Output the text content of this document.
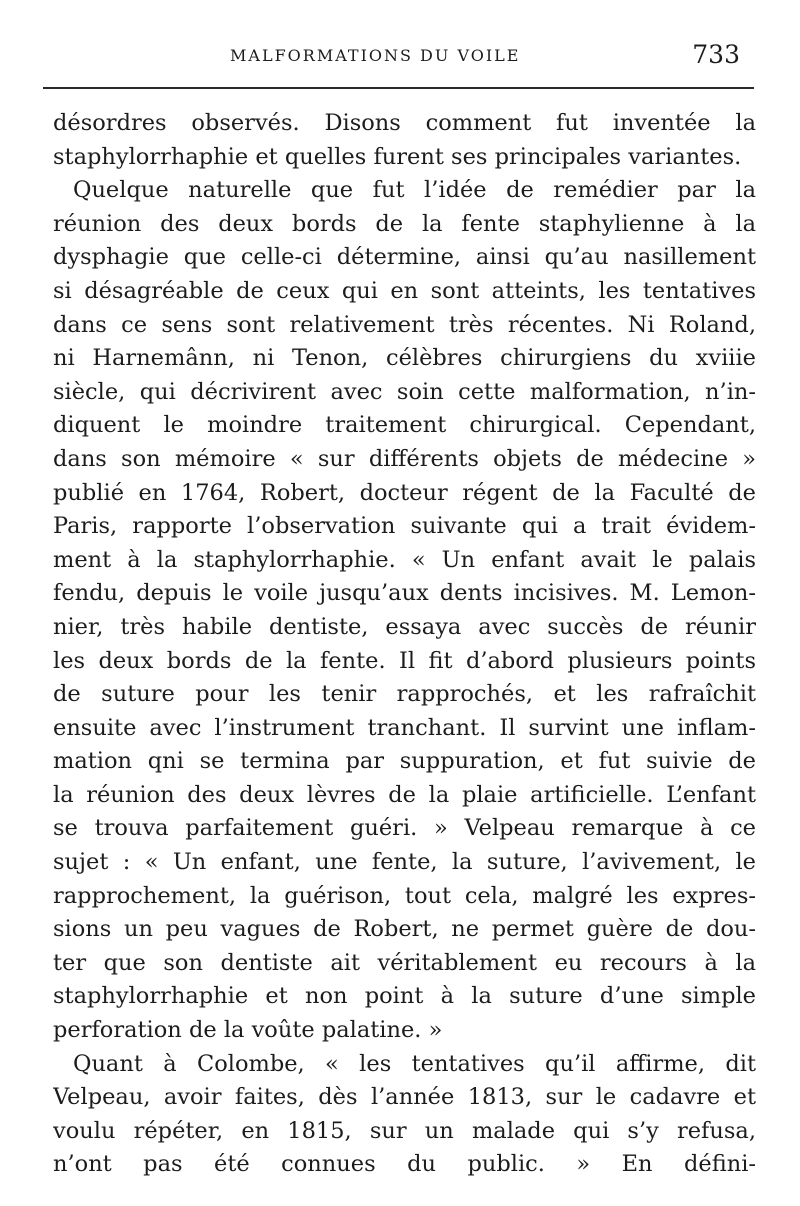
MALFORMATIONS DU VOILE	733
désordres observés. Disons comment fut inventée la
staphylorrhaphie et quelles furent ses principales variantes.
Quelque naturelle que fut l’idée de remédier par la
réunion des deux bords de la fente staphylienne à la
dysphagie que celle-ci détermine, ainsi qu’au nasillement
si désagréable de ceux qui en sont atteints, les tentatives
dans ce sens sont relativement très récentes. Ni Roland,
ni Harnemânn, ni Tenon, célèbres chirurgiens du xviiie
siècle, qui décrivirent avec soin cette malformation, n’in-
diquent le moindre traitement chirurgical. Cependant,
dans son mémoire « sur différents objets de médecine »
publié en 1764, Robert, docteur régent de la Faculté de
Paris, rapporte l’observation suivante qui a trait évidem-
ment à la staphylorrhaphie. « Un enfant avait le palais
fendu, depuis le voile jusqu’aux dents incisives. M. Lemon-
nier, très habile dentiste, essaya avec succès de réunir
les deux bords de la fente. Il fit d’abord plusieurs points
de suture pour les tenir rapprochés, et les rafraîchit
ensuite avec l’instrument tranchant. Il survint une inflam-
mation qni se termina par suppuration, et fut suivie de
la réunion des deux lèvres de la plaie artificielle. L’enfant
se trouva parfaitement guéri. » Velpeau remarque à ce
sujet : « Un enfant, une fente, la suture, l’avivement, le
rapprochement, la guérison, tout cela, malgré les expres-
sions un peu vagues de Robert, ne permet guère de dou-
ter que son dentiste ait véritablement eu recours à la
staphylorrhaphie et non point à la suture d’une simple
perforation de la voûte palatine. »
Quant à Colombe, « les tentatives qu’il affirme, dit
Velpeau, avoir faites, dès l’année 1813, sur le cadavre et
voulu répéter, en 1815, sur un malade qui s’y refusa,
n’ont pas été connues du public. » En défini-
